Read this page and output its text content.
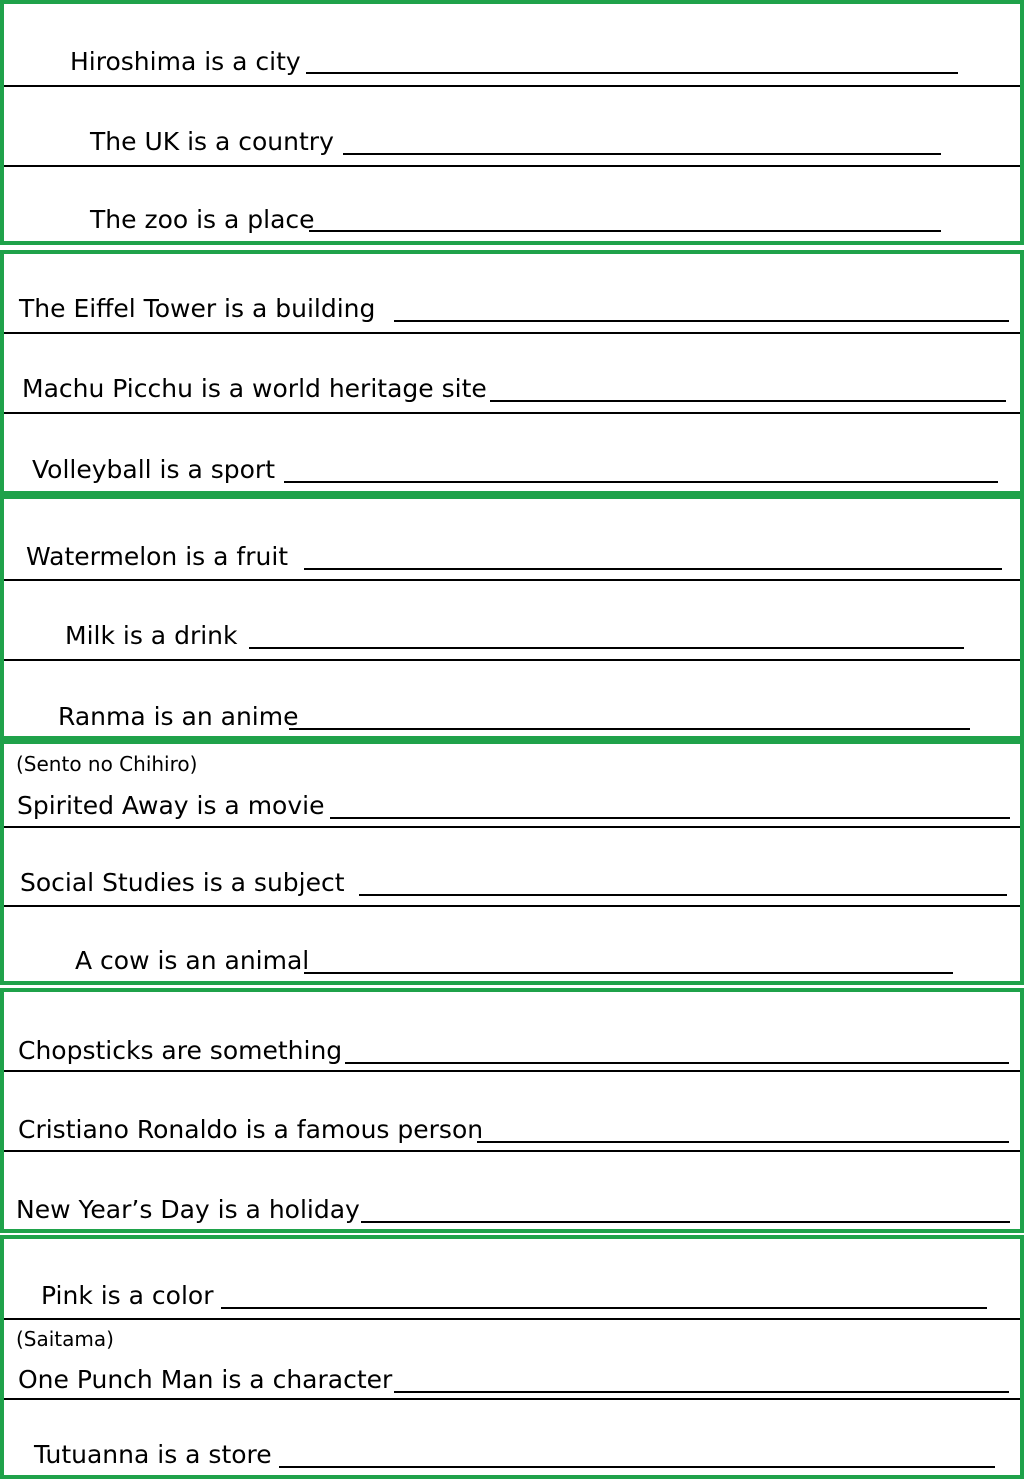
Hiroshima is a city
The UK is a country
The zoo is a place
The Eiffel Tower is a building
Machu Picchu is a world heritage site
Volleyball is a sport
Watermelon is a fruit
Milk is a drink
Ranma is an anime
(Sento no Chihiro)
Spirited Away is a movie
Social Studies is a subject
A cow is an animal
Chopsticks are something
Cristiano Ronaldo is a famous person
New Year’s Day is a holiday
Pink is a color
(Saitama)
One Punch Man is a character
Tutuanna is a store
